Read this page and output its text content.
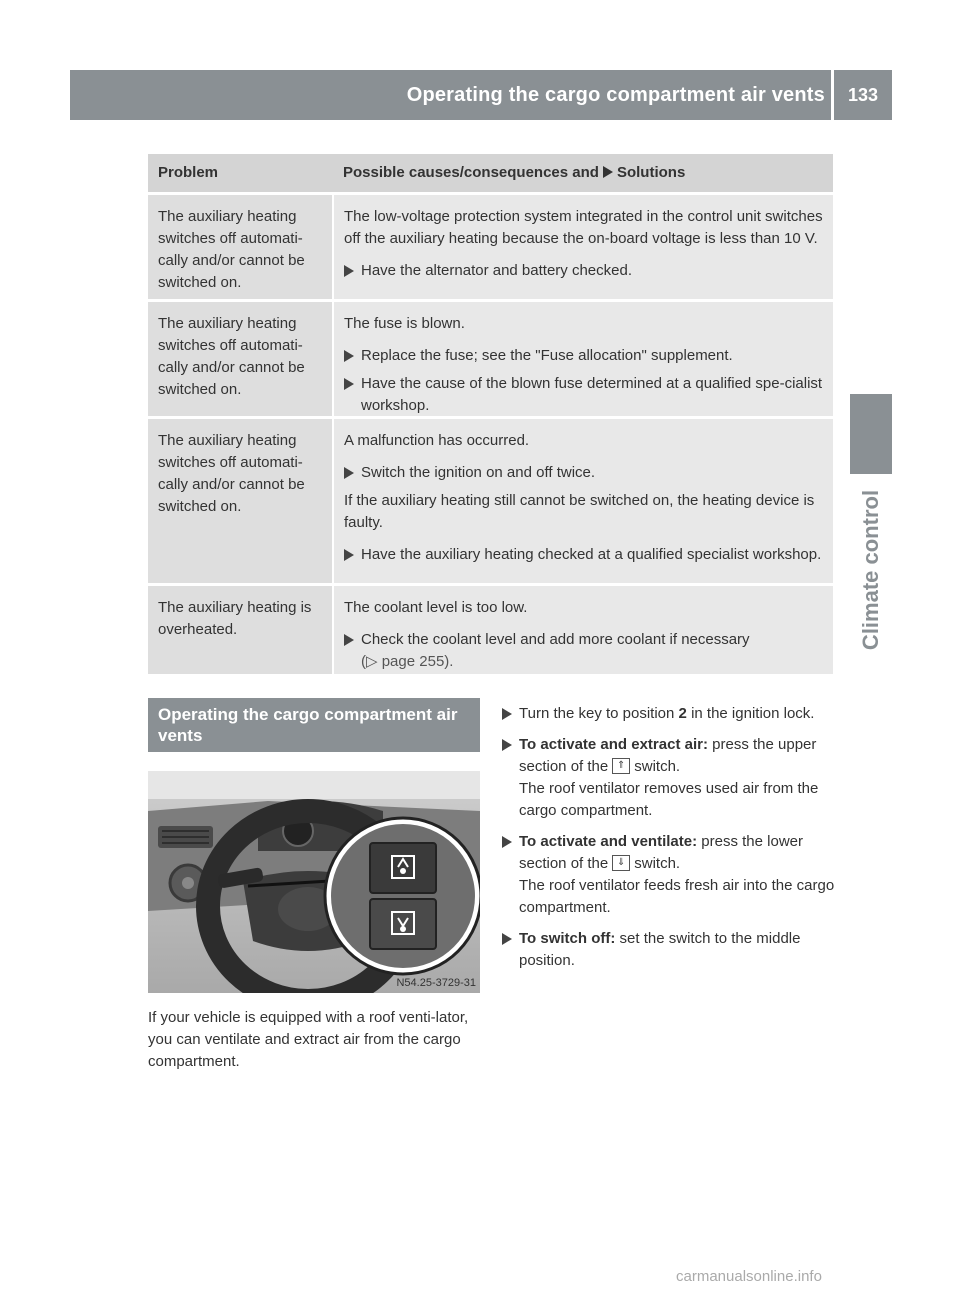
Operating the cargo compartment air vents	133
Climate control
Problem	Possible causes/consequences and Solutions
The auxiliary heating switches off automati-cally and/or cannot be switched on.
The low-voltage protection system integrated in the control unit switches off the auxiliary heating because the on-board voltage is less than 10 V.
Have the alternator and battery checked.
The auxiliary heating switches off automati-cally and/or cannot be switched on.
The fuse is blown.
Replace the fuse; see the "Fuse allocation" supplement.
Have the cause of the blown fuse determined at a qualified spe-cialist workshop.
The auxiliary heating switches off automati-cally and/or cannot be switched on.
A malfunction has occurred.
Switch the ignition on and off twice.
If the auxiliary heating still cannot be switched on, the heating device is faulty.
Have the auxiliary heating checked at a qualified specialist workshop.
The auxiliary heating is overheated.
The coolant level is too low.
Check the coolant level and add more coolant if necessary
(▷ page 255).
Operating the cargo compartment air vents
N54.25-3729-31
If your vehicle is equipped with a roof venti-lator, you can ventilate and extract air from the cargo compartment.
Turn the key to position 2 in the ignition lock.
To activate and extract air: press the upper section of the ⇑ switch.
The roof ventilator removes used air from the cargo compartment.
To activate and ventilate: press the lower section of the ⇓ switch.
The roof ventilator feeds fresh air into the cargo compartment.
To switch off: set the switch to the middle position.
carmanualsonline.info
